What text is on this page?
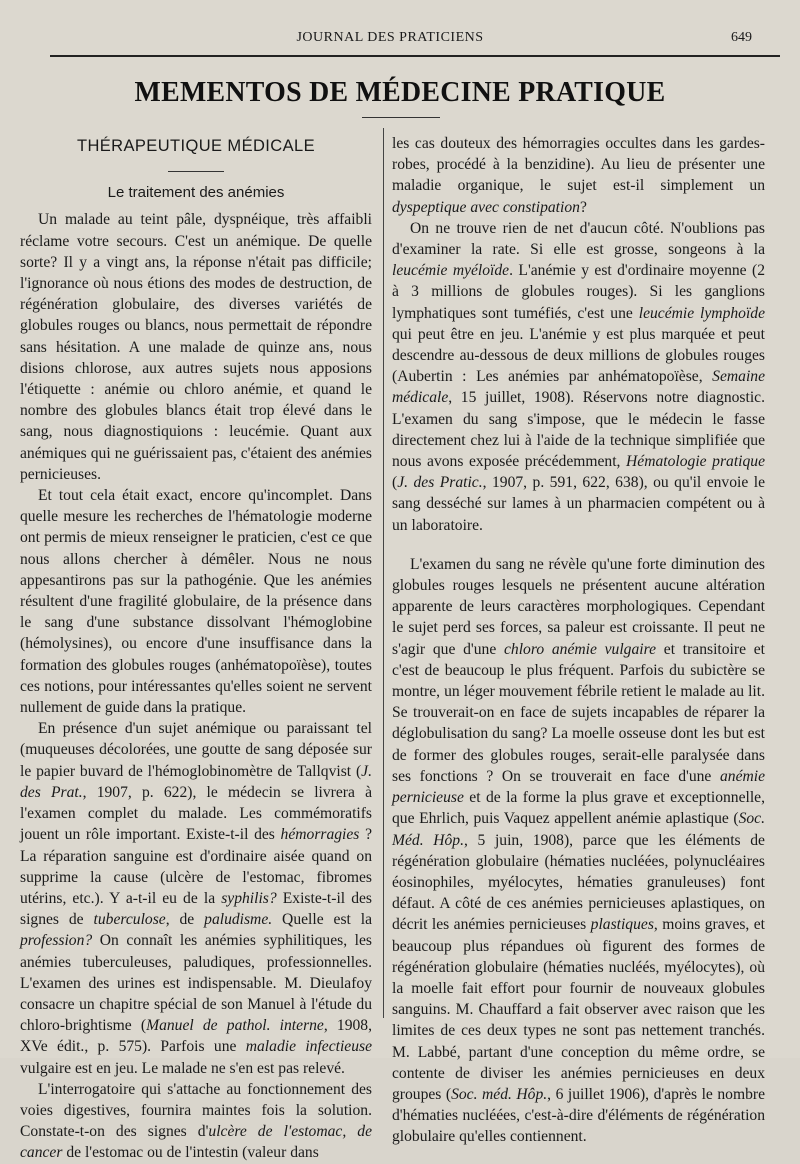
JOURNAL DES PRATICIENS	649
MEMENTOS DE MÉDECINE PRATIQUE
THÉRAPEUTIQUE MÉDICALE
Le traitement des anémies

Un malade au teint pâle, dyspnéique, très affaibli réclame votre secours. C'est un anémique. De quelle sorte? Il y a vingt ans, la réponse n'était pas difficile; l'ignorance où nous étions des modes de destruction, de régénération globulaire, des diverses variétés de globules rouges ou blancs, nous permettait de répondre sans hésitation. A une malade de quinze ans, nous disions chlorose, aux autres sujets nous apposions l'étiquette : anémie ou chloro anémie, et quand le nombre des globules blancs était trop élevé dans le sang, nous diagnostiquions : leucémie. Quant aux anémiques qui ne guérissaient pas, c'étaient des anémies pernicieuses.

Et tout cela était exact, encore qu'incomplet. Dans quelle mesure les recherches de l'hématologie moderne ont permis de mieux renseigner le praticien, c'est ce que nous allons chercher à démêler. Nous ne nous appesantirons pas sur la pathogénie. Que les anémies résultent d'une fragilité globulaire, de la présence dans le sang d'une substance dissolvant l'hémoglobine (hémolysines), ou encore d'une insuffisance dans la formation des globules rouges (anhématopoïèse), toutes ces notions, pour intéressantes qu'elles soient ne servent nullement de guide dans la pratique.

En présence d'un sujet anémique ou paraissant tel (muqueuses décolorées, une goutte de sang déposée sur le papier buvard de l'hémoglobinomètre de Tallqvist (J. des Prat., 1907, p. 622), le médecin se livrera à l'examen complet du malade. Les commémoratifs jouent un rôle important. Existe-t-il des hémorragies ? La réparation sanguine est d'ordinaire aisée quand on supprime la cause (ulcère de l'estomac, fibromes utérins, etc.). Y a-t-il eu de la syphilis? Existe-t-il des signes de tuberculose, de paludisme. Quelle est la profession? On connaît les anémies syphilitiques, les anémies tuberculeuses, paludiques, professionnelles. L'examen des urines est indispensable. M. Dieulafoy consacre un chapitre spécial de son Manuel à l'étude du chloro-brightisme (Manuel de pathol. interne, 1908, XVe édit., p. 575). Parfois une maladie infectieuse vulgaire est en jeu. Le malade ne s'en est pas relevé.

L'interrogatoire qui s'attache au fonctionnement des voies digestives, fournira maintes fois la solution. Constate-t-on des signes d'ulcère de l'estomac, de cancer de l'estomac ou de l'intestin (valeur dans

les cas douteux des hémorragies occultes dans les gardes-robes, procédé à la benzidine). Au lieu de présenter une maladie organique, le sujet est-il simplement un dyspeptique avec constipation?

On ne trouve rien de net d'aucun côté. N'oublions pas d'examiner la rate. Si elle est grosse, songeons à la leucémie myéloïde. L'anémie y est d'ordinaire moyenne (2 à 3 millions de globules rouges). Si les ganglions lymphatiques sont tuméfiés, c'est une leucémie lymphoïde qui peut être en jeu. L'anémie y est plus marquée et peut descendre au-dessous de deux millions de globules rouges (Aubertin : Les anémies par anhématopoïèse, Semaine médicale, 15 juillet, 1908). Réservons notre diagnostic. L'examen du sang s'impose, que le médecin le fasse directement chez lui à l'aide de la technique simplifiée que nous avons exposée précédemment, Hématologie pratique (J. des Pratic., 1907, p. 591, 622, 638), ou qu'il envoie le sang desséché sur lames à un pharmacien compétent ou à un laboratoire.

L'examen du sang ne révèle qu'une forte diminution des globules rouges lesquels ne présentent aucune altération apparente de leurs caractères morphologiques. Cependant le sujet perd ses forces, sa paleur est croissante. Il peut ne s'agir que d'une chloro anémie vulgaire et transitoire et c'est de beaucoup le plus fréquent. Parfois du subictère se montre, un léger mouvement fébrile retient le malade au lit. Se trouverait-on en face de sujets incapables de réparer la déglobulisation du sang? La moelle osseuse dont les but est de former des globules rouges, serait-elle paralysée dans ses fonctions ? On se trouverait en face d'une anémie pernicieuse et de la forme la plus grave et exceptionnelle, que Ehrlich, puis Vaquez appellent anémie aplastique (Soc. Méd. Hôp., 5 juin, 1908), parce que les éléments de régénération globulaire (hématies nucléées, polynucléaires éosinophiles, myélocytes, hématies granuleuses) font défaut. A côté de ces anémies pernicieuses aplastiques, on décrit les anémies pernicieuses plastiques, moins graves, et beaucoup plus répandues où figurent des formes de régénération globulaire (hématies nucléés, myélocytes), où la moelle fait effort pour fournir de nouveaux globules sanguins. M. Chauffard a fait observer avec raison que les limites de ces deux types ne sont pas nettement tranchés. M. Labbé, partant d'une conception du même ordre, se contente de diviser les anémies pernicieuses en deux groupes (Soc. méd. Hôp., 6 juillet 1906), d'après le nombre d'hématies nucléées, c'est-à-dire d'éléments de régénération globulaire qu'elles contiennent.
